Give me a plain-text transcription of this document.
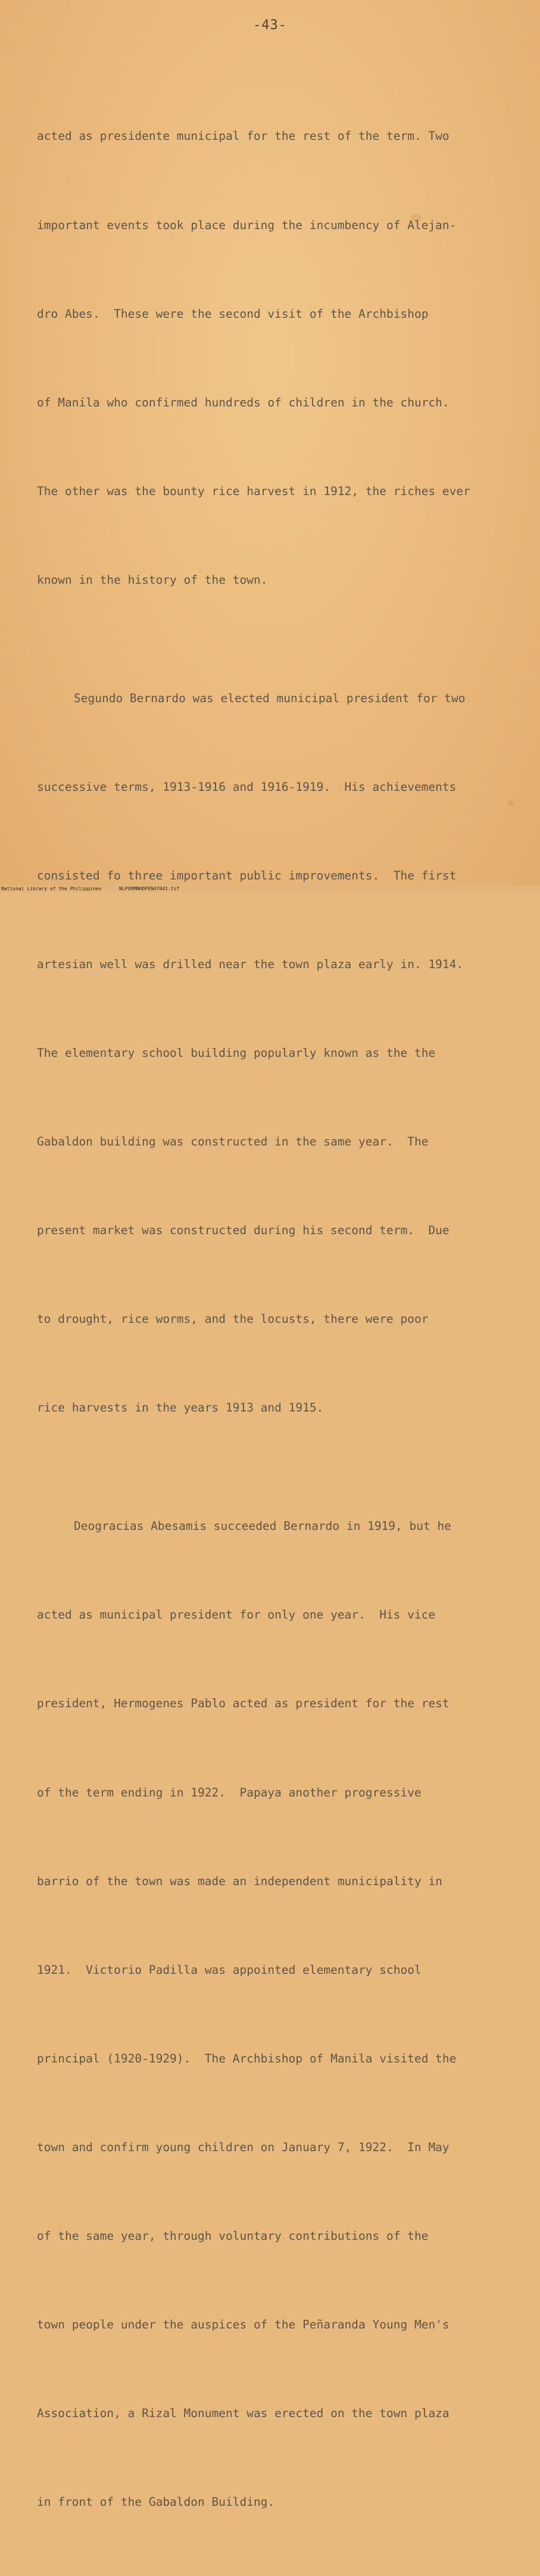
-43-

acted as presidente municipal for the rest of the term. Two

important events took place during the incumbency of Alejan-

dro Abes.  These were the second visit of the Archbishop

of Manila who confirmed hundreds of children in the church.

The other was the bounty rice harvest in 1912, the riches ever

known in the history of the town.

Segundo Bernardo was elected municipal president for two

successive terms, 1913-1916 and 1916-1919.  His achievements

consisted fo three important public improvements.  The first

artesian well was drilled near the town plaza early in. 1914.

The elementary school building popularly known as the the

Gabaldon building was constructed in the same year.  The

present market was constructed during his second term.  Due

to drought, rice worms, and the locusts, there were poor

rice harvests in the years 1913 and 1915.

Deogracias Abesamis succeeded Bernardo in 1919, but he

acted as municipal president for only one year.  His vice

president, Hermogenes Pablo acted as president for the rest

of the term ending in 1922.  Papaya another progressive

barrio of the town was made an independent municipality in

1921.  Victorio Padilla was appointed elementary school

principal (1920-1929).  The Archbishop of Manila visited the

town and confirm young children on January 7, 1922.  In May

of the same year, through voluntary contributions of the

town people under the auspices of the Peñaranda Young Men's

Association, a Rizal Monument was erected on the town plaza

in front of the Gabaldon Building.

National Library of the Philippines	NLPOOMNHDPEN47041.tif
